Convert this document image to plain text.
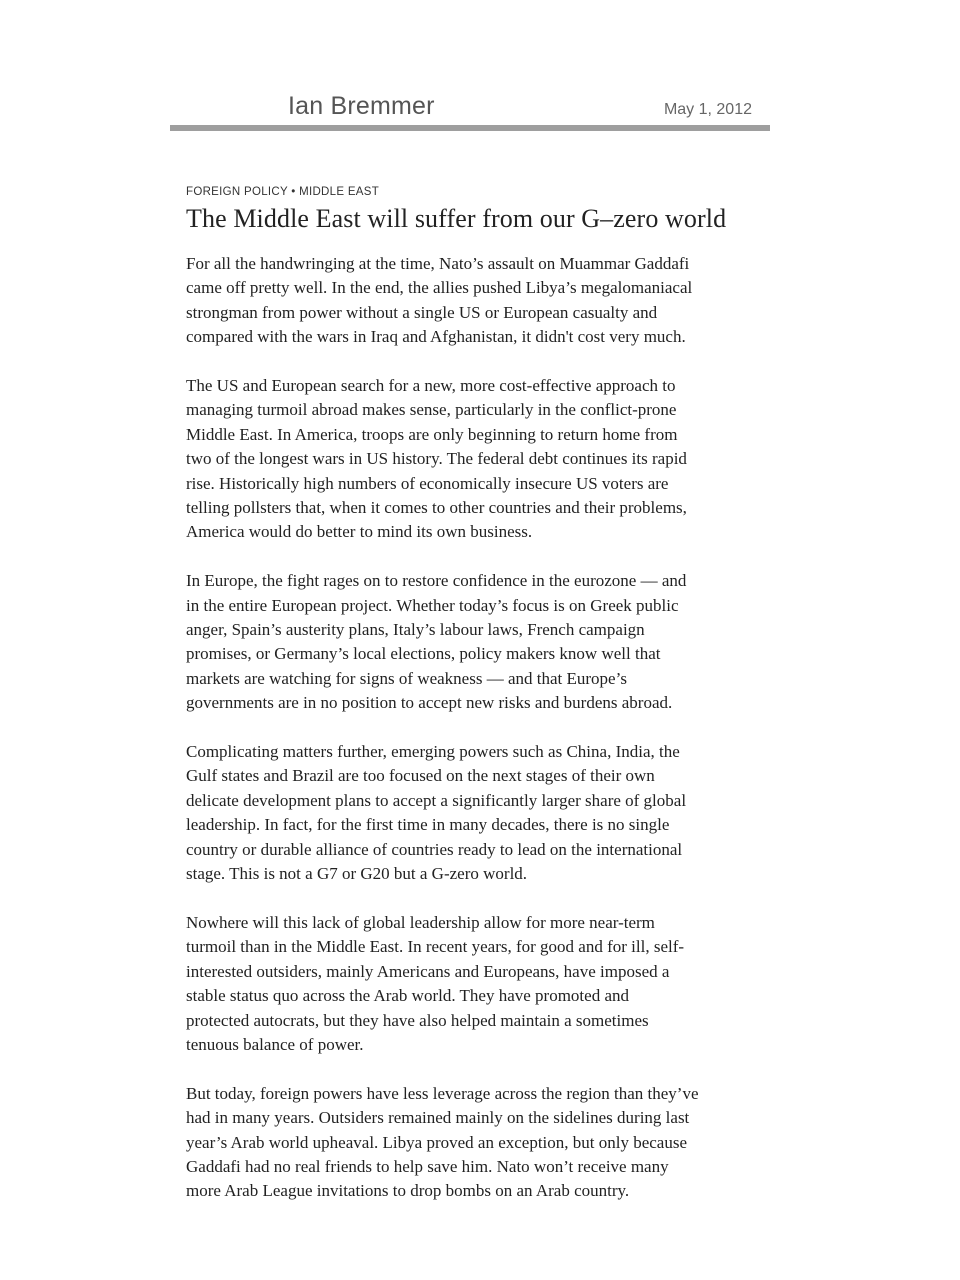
Ian Bremmer	May 1, 2012
FOREIGN POLICY • MIDDLE EAST
The Middle East will suffer from our G–zero world

For all the handwringing at the time, Nato’s assault on Muammar Gaddafi
came off pretty well. In the end, the allies pushed Libya’s megalomaniacal
strongman from power without a single US or European casualty and
compared with the wars in Iraq and Afghanistan, it didn't cost very much.

The US and European search for a new, more cost-effective approach to
managing turmoil abroad makes sense, particularly in the conflict-prone
Middle East. In America, troops are only beginning to return home from
two of the longest wars in US history. The federal debt continues its rapid
rise. Historically high numbers of economically insecure US voters are
telling pollsters that, when it comes to other countries and their problems,
America would do better to mind its own business.

In Europe, the fight rages on to restore confidence in the eurozone — and
in the entire European project. Whether today’s focus is on Greek public
anger, Spain’s austerity plans, Italy’s labour laws, French campaign
promises, or Germany’s local elections, policy makers know well that
markets are watching for signs of weakness — and that Europe’s
governments are in no position to accept new risks and burdens abroad.

Complicating matters further, emerging powers such as China, India, the
Gulf states and Brazil are too focused on the next stages of their own
delicate development plans to accept a significantly larger share of global
leadership. In fact, for the first time in many decades, there is no single
country or durable alliance of countries ready to lead on the international
stage. This is not a G7 or G20 but a G-zero world.

Nowhere will this lack of global leadership allow for more near-term
turmoil than in the Middle East. In recent years, for good and for ill, self-
interested outsiders, mainly Americans and Europeans, have imposed a
stable status quo across the Arab world. They have promoted and
protected autocrats, but they have also helped maintain a sometimes
tenuous balance of power.

But today, foreign powers have less leverage across the region than they’ve
had in many years. Outsiders remained mainly on the sidelines during last
year’s Arab world upheaval. Libya proved an exception, but only because
Gaddafi had no real friends to help save him. Nato won’t receive many
more Arab League invitations to drop bombs on an Arab country.
